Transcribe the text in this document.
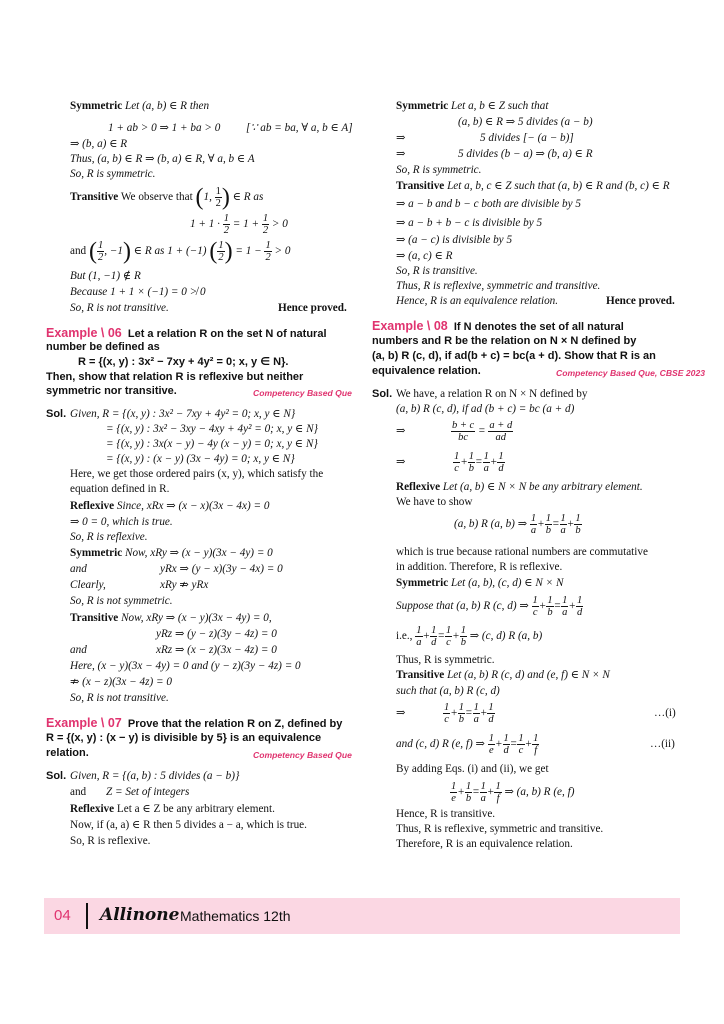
Symmetric Let (a, b) ∈ R then
1 + ab > 0 ⇒ 1 + ba > 0 [∵ ab = ba, ∀ a, b ∈ A]
⇒ (b, a) ∈ R
Thus, (a, b) ∈ R ⇒ (b, a) ∈ R, ∀ a, b ∈ A
So, R is symmetric.
Transitive We observe that (1, $\frac{1}{2}$ ) ∈ R as
$1 + 1 \cdot \frac{1}{2} = 1 + \frac{1}{2} > 0$
and ( $\frac{1}{2}$ , −1) ∈ R as 1 + (−1) ( $\frac{1}{2}$ ) = $1 - \frac{1}{2} > 0$
But (1, −1) ∉ R
Because 1 + 1 × (−1) = 0 ≯ 0
So, R is not transitive.	Hence proved.
Example \ 06 Let a relation R on the set N of natural
number be defined as
R = {(x, y) : 3x² − 7xy + 4y² = 0; x, y ∈ N}.
Then, show that relation R is reflexive but neither
symmetric nor transitive.	Competency Based Que
Sol. Given, R = {(x, y) : 3x² − 7xy + 4y² = 0; x, y ∈ N}
= {(x, y) : 3x² − 3xy − 4xy + 4y² = 0; x, y ∈ N}
= {(x, y) : 3x(x − y) − 4y (x − y) = 0; x, y ∈ N}
= {(x, y) : (x − y) (3x − 4y) = 0; x, y ∈ N}
Here, we get those ordered pairs (x, y), which satisfy the
equation defined in R.
Reflexive Since, xRx ⇒ (x − x)(3x − 4x) = 0
⇒ 0 = 0, which is true.
So, R is reflexive.
Symmetric Now, xRy ⇒ (x − y)(3x − 4y) = 0
and	yRx ⇒ (y − x)(3y − 4x) = 0
Clearly,	xRy ⇏ yRx
So, R is not symmetric.
Transitive Now, xRy ⇒ (x − y)(3x − 4y) = 0,
yRz ⇒ (y − z)(3y − 4z) = 0
and	xRz ⇒ (x − z)(3x − 4z) = 0
Here, (x − y)(3x − 4y) = 0 and (y − z)(3y − 4z) = 0
⇏ (x − z)(3x − 4z) = 0
So, R is not transitive.
Example \ 07 Prove that the relation R on Z, defined by
R = {(x, y) : (x − y) is divisible by 5} is an equivalence
relation.	Competency Based Que
Sol. Given, R = {(a, b) : 5 divides (a − b)}
and Z = Set of integers
Reflexive Let a ∈ Z be any arbitrary element.
Now, if (a, a) ∈ R then 5 divides a − a, which is true.
So, R is reflexive.
Symmetric Let a, b ∈ Z such that
(a, b) ∈ R ⇒ 5 divides (a − b)
⇒	5 divides [− (a − b)]
⇒	5 divides (b − a) ⇒ (b, a) ∈ R
So, R is symmetric.
Transitive Let a, b, c ∈ Z such that (a, b) ∈ R and (b, c) ∈ R
⇒ a − b and b − c both are divisible by 5
⇒ a − b + b − c is divisible by 5
⇒ (a − c) is divisible by 5
⇒ (a, c) ∈ R
So, R is transitive.
Thus, R is reflexive, symmetric and transitive.
Hence, R is an equivalence relation.	Hence proved.
Example \ 08 If N denotes the set of all natural
numbers and R be the relation on N × N defined by
(a, b) R (c, d), if ad(b + c) = bc(a + d). Show that R is an
equivalence relation.	Competency Based Que, CBSE 2023
Sol. We have, a relation R on N × N defined by
(a, b) R (c, d), if ad (b + c) = bc (a + d)
⇒	$\frac{b + c}{bc} = \frac{a + d}{ad}$
⇒	$\frac{1}{c} + \frac{1}{b} = \frac{1}{a} + \frac{1}{d}$
Reflexive Let (a, b) ∈ N × N be any arbitrary element.
We have to show
(a, b) R (a, b) ⇒ $\frac{1}{a} + \frac{1}{b} = \frac{1}{a} + \frac{1}{b}$
which is true because rational numbers are commutative
in addition. Therefore, R is reflexive.
Symmetric Let (a, b), (c, d) ∈ N × N
Suppose that (a, b) R (c, d) ⇒ $\frac{1}{c} + \frac{1}{b} = \frac{1}{a} + \frac{1}{d}$
i.e., $\frac{1}{a} + \frac{1}{d} = \frac{1}{c} + \frac{1}{b}$ ⇒ (c, d) R (a, b)
Thus, R is symmetric.
Transitive Let (a, b) R (c, d) and (e, f) ∈ N × N
such that (a, b) R (c, d)
⇒	$\frac{1}{c} + \frac{1}{b} = \frac{1}{a} + \frac{1}{d}$	…(i)
and (c, d) R (e, f) ⇒ $\frac{1}{e} + \frac{1}{d} = \frac{1}{c} + \frac{1}{f}$	…(ii)
By adding Eqs. (i) and (ii), we get
$\frac{1}{e} + \frac{1}{b} = \frac{1}{a} + \frac{1}{f}$ ⇒ (a, b) R (e, f)
Hence, R is transitive.
Thus, R is reflexive, symmetric and transitive.
Therefore, R is an equivalence relation.
04 Allinone Mathematics 12th
